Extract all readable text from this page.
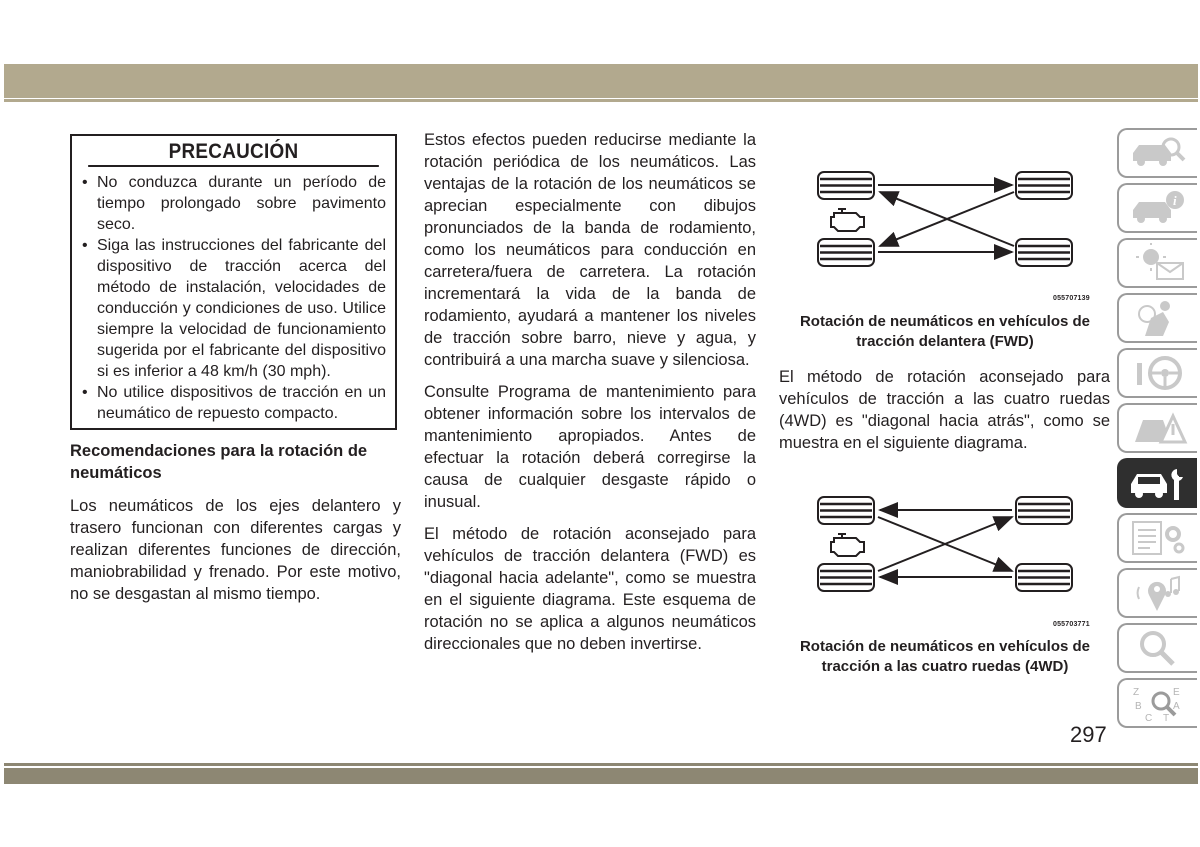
PRECAUCIÓN
• No conduzca durante un período de tiempo prolongado sobre pavimento seco.
• Siga las instrucciones del fabricante del dispositivo de tracción acerca del método de instalación, velocidades de conducción y condiciones de uso. Utilice siempre la velocidad de funcionamiento sugerida por el fabricante del dispositivo si es inferior a 48 km/h (30 mph).
• No utilice dispositivos de tracción en un neumático de repuesto compacto.
Recomendaciones para la rotación de neumáticos
Los neumáticos de los ejes delantero y trasero funcionan con diferentes cargas y realizan diferentes funciones de dirección, maniobrabilidad y frenado. Por este motivo, no se desgastan al mismo tiempo.

Estos efectos pueden reducirse mediante la rotación periódica de los neumáticos. Las ventajas de la rotación de los neumáticos se aprecian especialmente con dibujos pronunciados de la banda de rodamiento, como los neumáticos para conducción en carretera/fuera de carretera. La rotación incrementará la vida de la banda de rodamiento, ayudará a mantener los niveles de tracción sobre barro, nieve y agua, y contribuirá a una marcha suave y silenciosa.

Consulte Programa de mantenimiento para obtener información sobre los intervalos de mantenimiento apropiados. Antes de efectuar la rotación deberá corregirse la causa de cualquier desgaste rápido o inusual.

El método de rotación aconsejado para vehículos de tracción delantera (FWD) es "diagonal hacia adelante", como se muestra en el siguiente diagrama. Este esquema de rotación no se aplica a algunos neumáticos direccionales que no deben invertirse.

055707139
Rotación de neumáticos en vehículos de tracción delantera (FWD)
El método de rotación aconsejado para vehículos de tracción a las cuatro ruedas (4WD) es "diagonal hacia atrás", como se muestra en el siguiente diagrama.
055703771
Rotación de neumáticos en vehículos de tracción a las cuatro ruedas (4WD)
i
Z	E
B	A
C T
297
